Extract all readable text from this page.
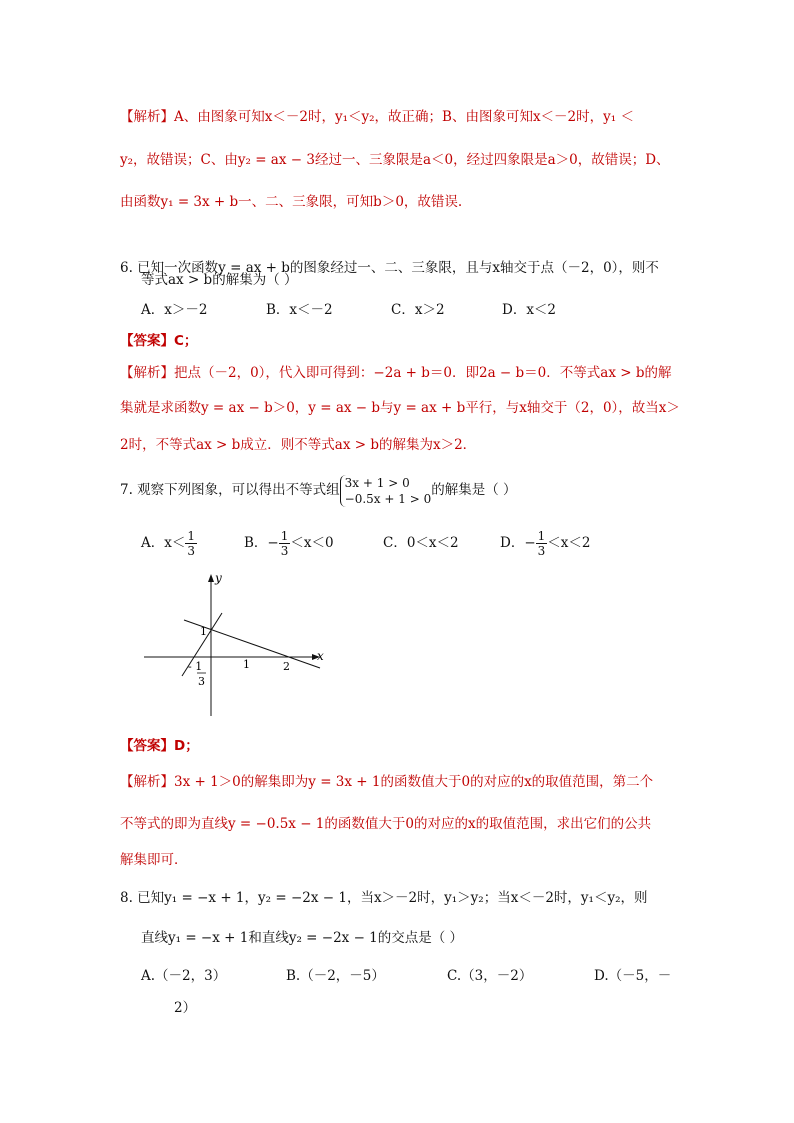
【解析】A、由图象可知x＜－2时，y₁＜y₂，故正确；B、由图象可知x＜－2时，y₁ ＜
y₂，故错误；C、由y₂ = ax − 3经过一、三象限是a＜0，经过四象限是a＞0，故错误；D、
由函数y₁ = 3x + b一、二、三象限，可知b＞0，故错误.
6. 已知一次函数y = ax + b的图象经过一、二、三象限，且与x轴交于点（－2，0），则不
等式ax > b的解集为（ ）
A．x＞－2	B．x＜－2	C．x＞2	D．x＜2
【答案】C；
【解析】把点（－2，0），代入即可得到：−2a + b＝0．即2a − b＝0．不等式ax > b的解
集就是求函数y = ax − b＞0，y = ax − b与y = ax + b平行，与x轴交于（2，0），故当x＞
2时，不等式ax > b成立．则不等式ax > b的解集为x＞2．
7. 观察下列图象，可以得出不等式组 3x + 1 > 0
−0.5x + 1 > 0
的解集是（ ）
A．$x< \frac{1}{3}$	B．− $\frac{1}{3} <x<0$	C．0＜x＜2	D．− $\frac{1}{3} <x<2$
x
y
1
1	2
- 1
3
【答案】D；
【解析】3x + 1＞0的解集即为y = 3x + 1的函数值大于0的对应的x的取值范围，第二个
不等式的即为直线y = −0.5x − 1的函数值大于0的对应的x的取值范围，求出它们的公共
解集即可．
8. 已知y₁ = −x + 1，y₂ = −2x − 1，当x＞－2时，y₁＞y₂；当x＜－2时，y₁＜y₂，则
直线y₁ = −x + 1和直线y₂ = −2x − 1的交点是（ ）
A.（－2，3）	B.（－2，－5）	C.（3，－2）	D.（－5，－
2）
